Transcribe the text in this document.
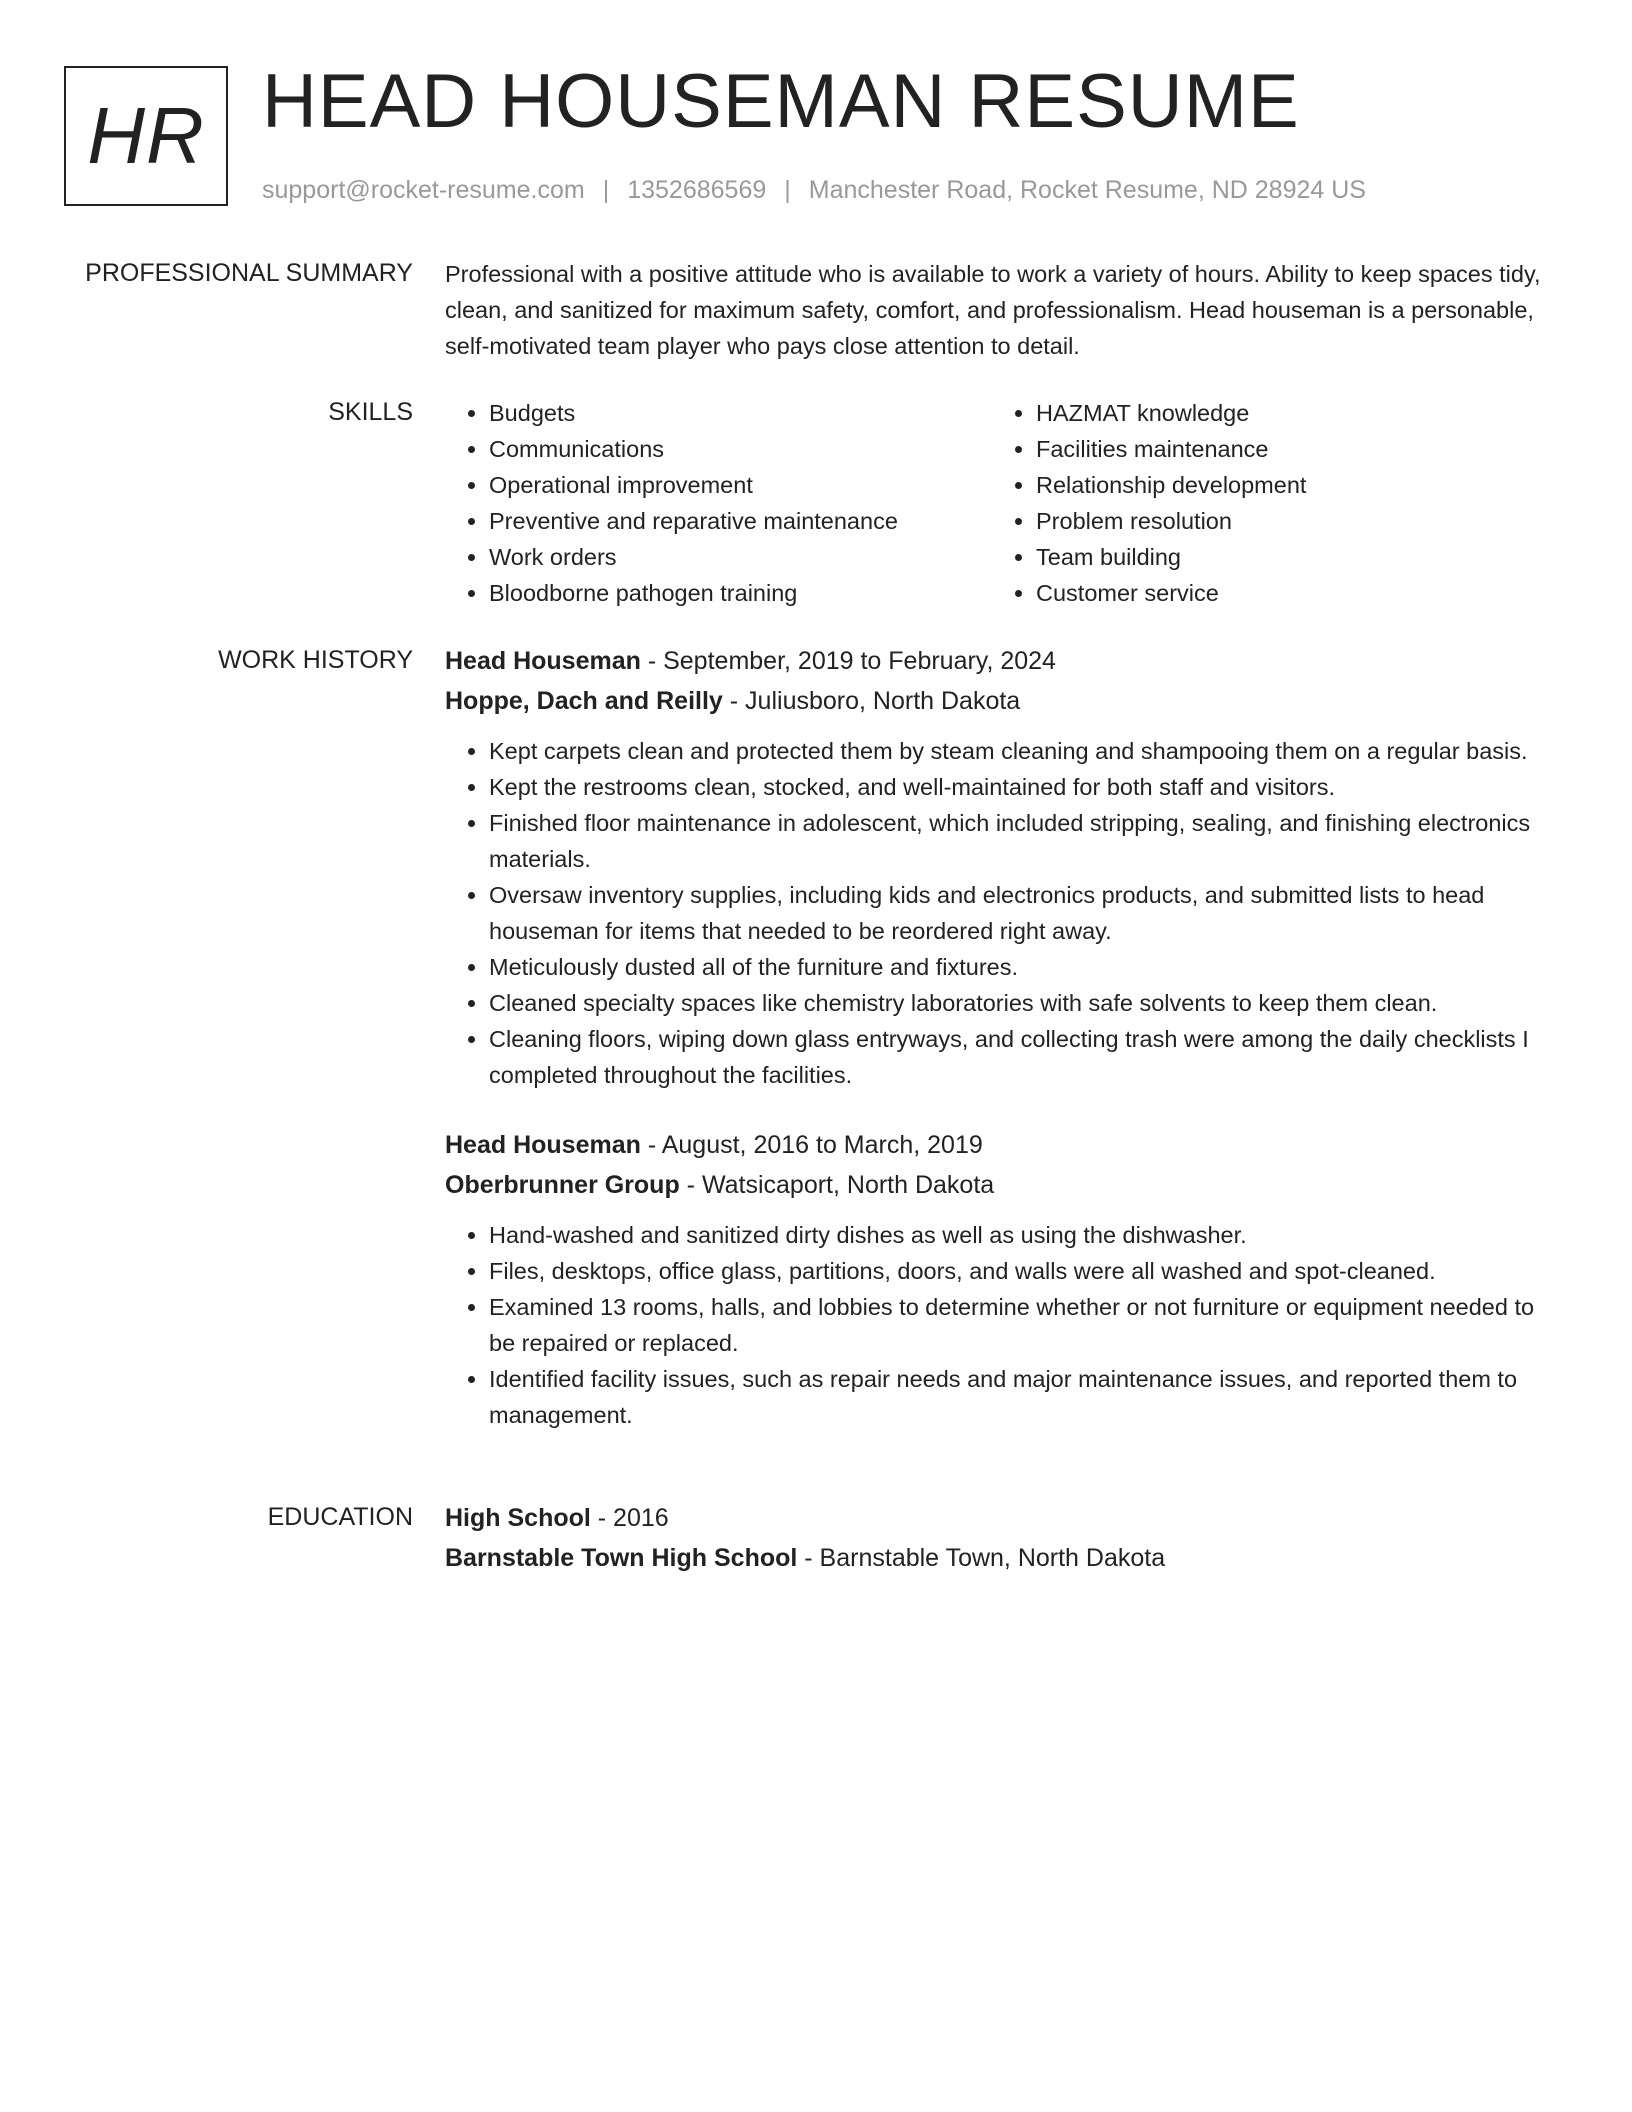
HR HEAD HOUSEMAN RESUME
support@rocket-resume.com | 1352686569 | Manchester Road, Rocket Resume, ND 28924 US
PROFESSIONAL SUMMARY Professional with a positive attitude who is available to work a variety of hours. Ability to keep spaces tidy, clean, and sanitized for maximum safety, comfort, and professionalism. Head houseman is a personable, self-motivated team player who pays close attention to detail.

SKILLS
•	Budgets
• Communications
• Operational improvement
• Preventive and reparative maintenance
• Work orders
• Bloodborne pathogen training
• HAZMAT knowledge
• Facilities maintenance
• Relationship development
• Problem resolution
• Team building
• Customer service
WORK HISTORY Head Houseman - September, 2019 to February, 2024

Hoppe, Dach and Reilly - Juliusboro, North Dakota

• Kept carpets clean and protected them by steam cleaning and shampooing them on a regular basis.
• Kept the restrooms clean, stocked, and well-maintained for both staff and visitors.
• Finished floor maintenance in adolescent, which included stripping, sealing, and finishing electronics materials.
• Oversaw inventory supplies, including kids and electronics products, and submitted lists to head houseman for items that needed to be reordered right away.
• Meticulously dusted all of the furniture and fixtures.
• Cleaned specialty spaces like chemistry laboratories with safe solvents to keep them clean.
• Cleaning floors, wiping down glass entryways, and collecting trash were among the daily checklists I completed throughout the facilities.

Head Houseman - August, 2016 to March, 2019

Oberbrunner Group - Watsicaport, North Dakota

• Hand-washed and sanitized dirty dishes as well as using the dishwasher.
• Files, desktops, office glass, partitions, doors, and walls were all washed and spot-cleaned.
• Examined 13 rooms, halls, and lobbies to determine whether or not furniture or equipment needed to be repaired or replaced.
• Identified facility issues, such as repair needs and major maintenance issues, and reported them to management.
EDUCATION High School - 2016

Barnstable Town High School - Barnstable Town, North Dakota
